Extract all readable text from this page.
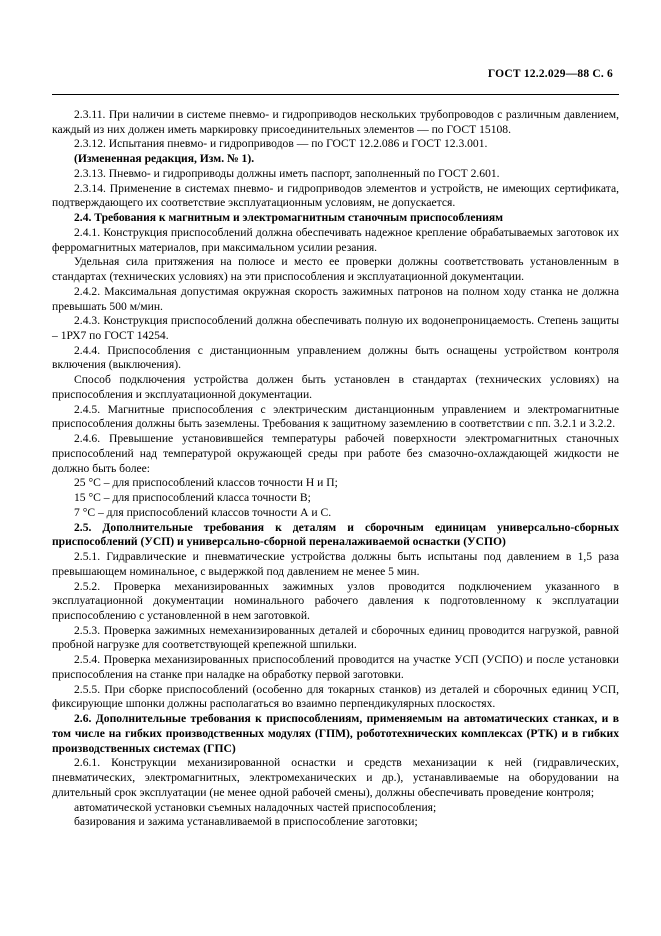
ГОСТ 12.2.029—88 С. 6

2.3.11. При наличии в системе пневмо- и гидроприводов нескольких трубопроводов с различным давлением, каждый из них должен иметь маркировку присоединительных элементов — по ГОСТ 15108.

2.3.12. Испытания пневмо- и гидроприводов — по ГОСТ 12.2.086 и ГОСТ 12.3.001.

(Измененная редакция, Изм. № 1).

2.3.13. Пневмо- и гидроприводы должны иметь паспорт, заполненный по ГОСТ 2.601.

2.3.14. Применение в системах пневмо- и гидроприводов элементов и устройств, не имеющих сертификата, подтверждающего их соответствие эксплуатационным условиям, не допускается.

2.4. Требования к магнитным и электромагнитным станочным приспособлениям

2.4.1. Конструкция приспособлений должна обеспечивать надежное крепление обрабатываемых заготовок их ферромагнитных материалов, при максимальном усилии резания.

Удельная сила притяжения на полюсе и место ее проверки должны соответствовать установленным в стандартах (технических условиях) на эти приспособления и эксплуатационной документации.

2.4.2. Максимальная допустимая окружная скорость зажимных патронов на полном ходу станка не должна превышать 500 м/мин.

2.4.3. Конструкция приспособлений должна обеспечивать полную их водонепроницаемость. Степень защиты – 1РХ7 по ГОСТ 14254.

2.4.4. Приспособления с дистанционным управлением должны быть оснащены устройством контроля включения (выключения).

Способ подключения устройства должен быть установлен в стандартах (технических условиях) на приспособления и эксплуатационной документации.

2.4.5. Магнитные приспособления с электрическим дистанционным управлением и электромагнитные приспособления должны быть заземлены. Требования к защитному заземлению в соответствии с пп. 3.2.1 и 3.2.2.

2.4.6. Превышение установившейся температуры рабочей поверхности электромагнитных станочных приспособлений над температурой окружающей среды при работе без смазочно-охлаждающей жидкости не должно быть более:

25 °С – для приспособлений классов точности Н и П;

15 °С – для приспособлений класса точности В;

7 °С – для приспособлений классов точности А и С.

2.5. Дополнительные требования к деталям и сборочным единицам универсально-сборных приспособлений (УСП) и универсально-сборной переналаживаемой оснастки (УСПО)

2.5.1. Гидравлические и пневматические устройства должны быть испытаны под давлением в 1,5 раза превышающем номинальное, с выдержкой под давлением не менее 5 мин.

2.5.2. Проверка механизированных зажимных узлов проводится подключением указанного в эксплуатационной документации номинального рабочего давления к подготовленному к эксплуатации приспособлению с установленной в нем заготовкой.

2.5.3. Проверка зажимных немеханизированных деталей и сборочных единиц проводится нагрузкой, равной пробной нагрузке для соответствующей крепежной шпильки.

2.5.4. Проверка механизированных приспособлений проводится на участке УСП (УСПО) и после установки приспособления на станке при наладке на обработку первой заготовки.

2.5.5. При сборке приспособлений (особенно для токарных станков) из деталей и сборочных единиц УСП, фиксирующие шпонки должны располагаться во взаимно перпендикулярных плоскостях.

2.6. Дополнительные требования к приспособлениям, применяемым на автоматических станках, и в том числе на гибких производственных модулях (ГПМ), робототехнических комплексах (РТК) и в гибких производственных системах (ГПС)

2.6.1. Конструкции механизированной оснастки и средств механизации к ней (гидравлических, пневматических, электромагнитных, электромеханических и др.), устанавливаемые на оборудовании на длительный срок эксплуатации (не менее одной рабочей смены), должны обеспечивать проведение контроля;

автоматической установки съемных наладочных частей приспособления;

базирования и зажима устанавливаемой в приспособление заготовки;
